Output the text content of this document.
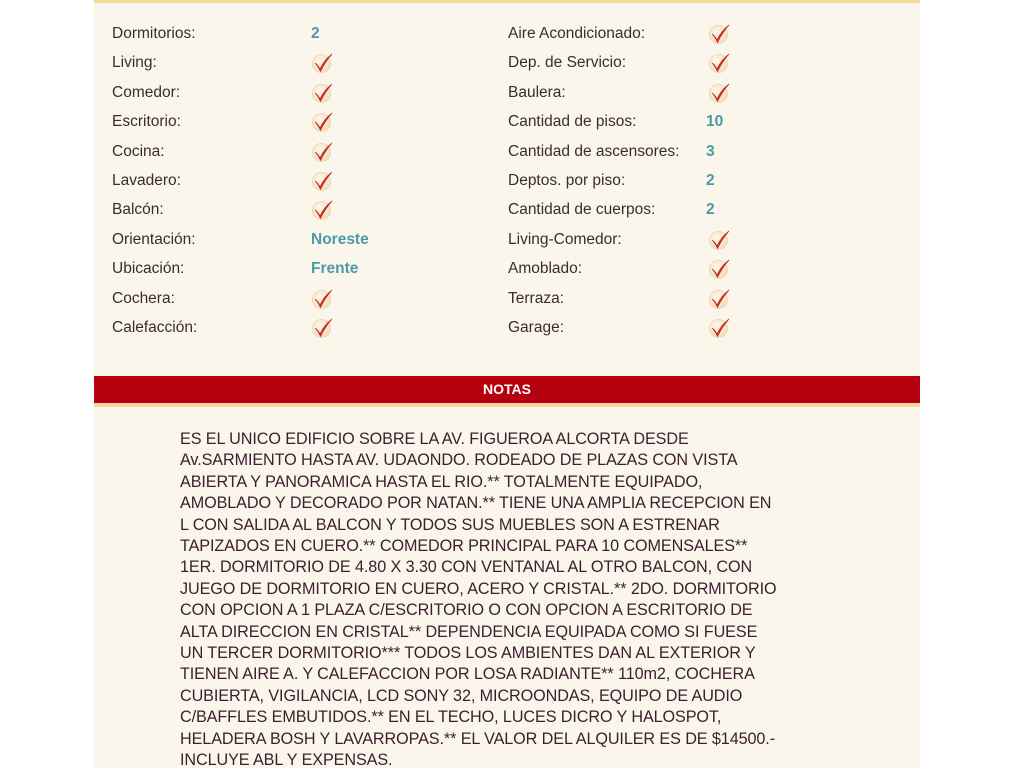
Dormitorios:	2
Living:
Comedor:
Escritorio:
Cocina:
Lavadero:
Balcón:
Orientación:	Noreste
Ubicación:	Frente
Cochera:
Calefacción:
Aire Acondicionado:
Dep. de Servicio:
Baulera:
Cantidad de pisos:	10
Cantidad de ascensores: 3
Deptos. por piso:	2
Cantidad de cuerpos:	2
Living-Comedor:
Amoblado:
Terraza:
Garage:
NOTAS
ES EL UNICO EDIFICIO SOBRE LA AV. FIGUEROA ALCORTA DESDE
Av.SARMIENTO HASTA AV. UDAONDO. RODEADO DE PLAZAS CON VISTA
ABIERTA Y PANORAMICA HASTA EL RIO.** TOTALMENTE EQUIPADO,
AMOBLADO Y DECORADO POR NATAN.** TIENE UNA AMPLIA RECEPCION EN
L CON SALIDA AL BALCON Y TODOS SUS MUEBLES SON A ESTRENAR
TAPIZADOS EN CUERO.** COMEDOR PRINCIPAL PARA 10 COMENSALES**
1ER. DORMITORIO DE 4.80 X 3.30 CON VENTANAL AL OTRO BALCON, CON
JUEGO DE DORMITORIO EN CUERO, ACERO Y CRISTAL.** 2DO. DORMITORIO
CON OPCION A 1 PLAZA C/ESCRITORIO O CON OPCION A ESCRITORIO DE
ALTA DIRECCION EN CRISTAL** DEPENDENCIA EQUIPADA COMO SI FUESE
UN TERCER DORMITORIO*** TODOS LOS AMBIENTES DAN AL EXTERIOR Y
TIENEN AIRE A. Y CALEFACCION POR LOSA RADIANTE** 110m2, COCHERA
CUBIERTA, VIGILANCIA, LCD SONY 32, MICROONDAS, EQUIPO DE AUDIO
C/BAFFLES EMBUTIDOS.** EN EL TECHO, LUCES DICRO Y HALOSPOT,
HELADERA BOSH Y LAVARROPAS.** EL VALOR DEL ALQUILER ES DE $14500.-
INCLUYE ABL Y EXPENSAS.
